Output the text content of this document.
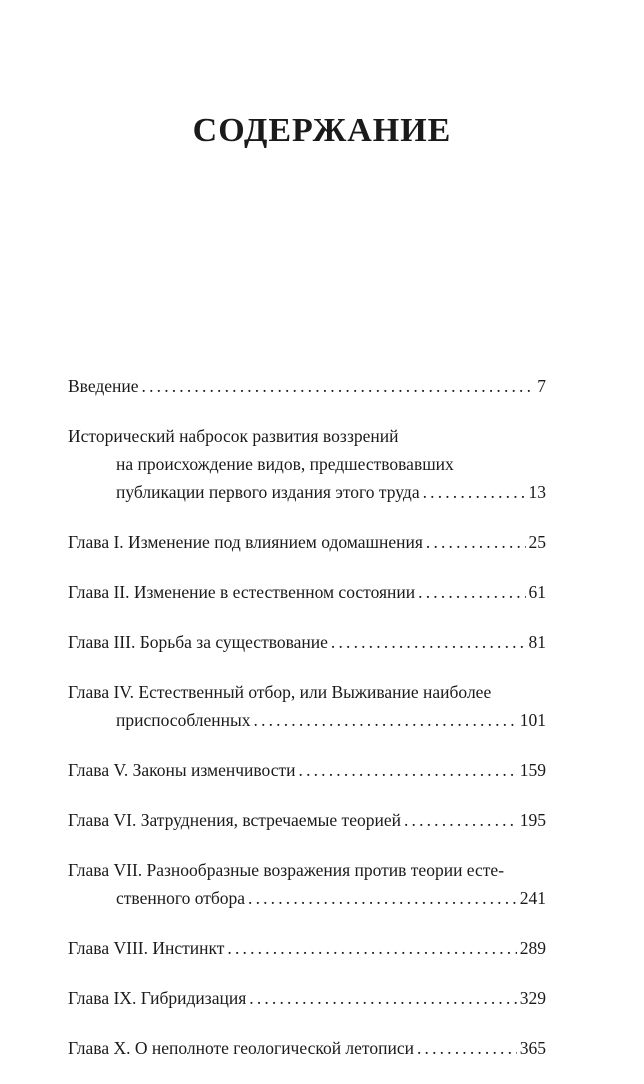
СОДЕРЖАНИЕ
Введение . . .	7
Исторический набросок развития воззрений
на происхождение видов, предшествовавших
публикации первого издания этого труда . . .	13
Глава I. Изменение под влиянием одомашнения . . .	25
Глава II. Изменение в естественном состоянии . . .	61
Глава III. Борьба за существование . . .	81
Глава IV. Естественный отбор, или Выживание наиболее
приспособленных . . .	101
Глава V. Законы изменчивости . . .	159
Глава VI. Затруднения, встречаемые теорией . . .	195
Глава VII. Разнообразные возражения против теории есте-
ственного отбора . . .	241
Глава VIII. Инстинкт . . .	289
Глава IX. Гибридизация . . .	329
Глава X. О неполноте геологической летописи . . .	365
